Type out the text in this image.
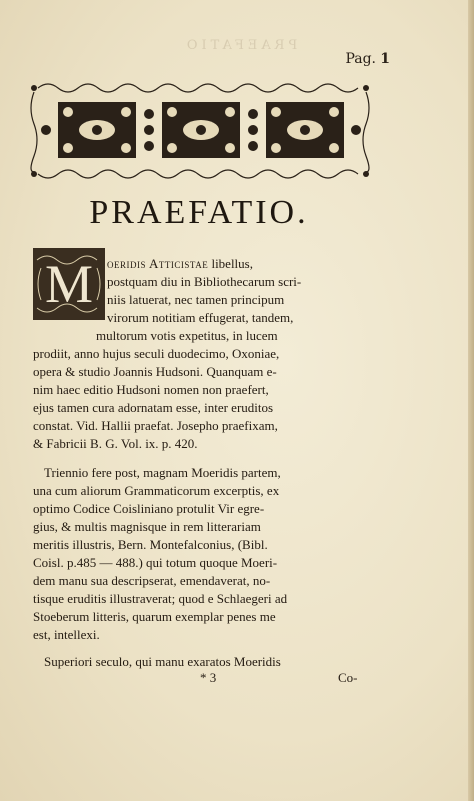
PRAEFATIO
Pag. 1
PRAEFATIO.
M oeridis Atticistae libellus,
postquam diu in Bibliothecarum scri-
niis latuerat, nec tamen principum
virorum notitiam effugerat, tandem,
multorum votis expetitus, in lucem
prodiit, anno hujus seculi duodecimo, Oxoniae,
opera & studio Joannis Hudsoni. Quanquam e-
nim haec editio Hudsoni nomen non praefert,
ejus tamen cura adornatam esse, inter eruditos
constat. Vid. Hallii praefat. Josepho praefixam,
& Fabricii B. G. Vol. ix. p. 420.
Triennio fere post, magnam Moeridis partem,
una cum aliorum Grammaticorum excerptis, ex
optimo Codice Coisliniano protulit Vir egre-
gius, & multis magnisque in rem litterariam
meritis illustris, Bern. Montefalconius, (Bibl.
Coisl. p.485 — 488.) qui totum quoque Moeri-
dem manu sua descripserat, emendaverat, no-
tisque eruditis illustraverat; quod e Schlaegeri ad
Stoeberum litteris, quarum exemplar penes me
est, intellexi.
Superiori seculo, qui manu exaratos Moeridis
* 3	Co-
